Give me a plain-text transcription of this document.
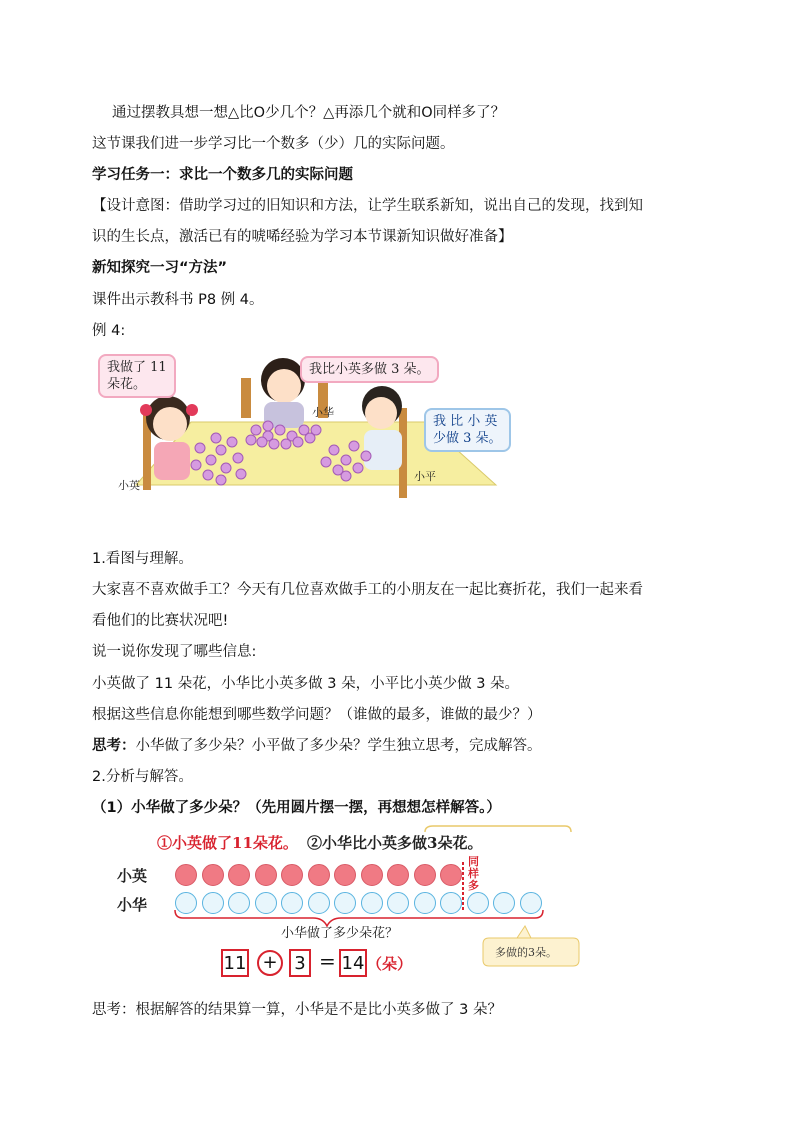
通过摆教具想一想△比O少几个？△再添几个就和O同样多了？
这节课我们进一步学习比一个数多（少）几的实际问题。
学习任务一：求比一个数多几的实际问题
【设计意图：借助学习过的旧知识和方法，让学生联系新知，说出自己的发现，找到知
识的生长点，激活已有的唬唏经验为学习本节课新知识做好准备】
新知探究一习“方法”
课件出示教科书 P8 例 4。
例 4:
我做了 11
朵花。
我比小英多做 3 朵。
我 比 小 英
少做 3 朵。
小英
小华
小平
1.看图与理解。
大家喜不喜欢做手工？今天有几位喜欢做手工的小朋友在一起比赛折花，我们一起来看
看他们的比赛状况吧!
说一说你发现了哪些信息:
小英做了 11 朵花，小华比小英多做 3 朵，小平比小英少做 3 朵。
根据这些信息你能想到哪些数学问题？（谁做的最多，谁做的最少？）
思考：小华做了多少朵？小平做了多少朵？学生独立思考，完成解答。
2.分析与解答。
（1）小华做了多少朵？（先用圆片摆一摆，再想想怎样解答。）
①小英做了11朵花。 ②小华比小英多做3朵花。
小英
小华
同样多
小华做了多少朵花？
多做的3朵。
11 + 3 = 14 （朵）
思考：根据解答的结果算一算，小华是不是比小英多做了 3 朵？
